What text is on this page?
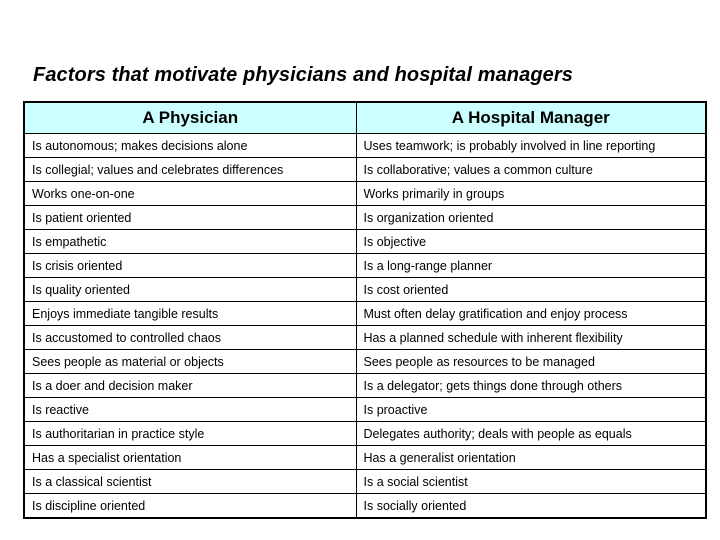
Factors that motivate physicians and hospital managers
A Physician	A Hospital Manager
Is autonomous; makes decisions alone	Uses teamwork; is probably involved in line reporting
Is collegial; values and celebrates differences	Is collaborative; values a common culture
Works one-on-one	Works primarily in groups
Is patient oriented	Is organization oriented
Is empathetic	Is objective
Is crisis oriented	Is a long-range planner
Is quality oriented	Is cost oriented
Enjoys immediate tangible results	Must often delay gratification and enjoy process
Is accustomed to controlled chaos	Has a planned schedule with inherent flexibility
Sees people as material or objects	Sees people as resources to be managed
Is a doer and decision maker	Is a delegator; gets things done through others
Is reactive	Is proactive
Is authoritarian in practice style	Delegates authority; deals with people as equals
Has a specialist orientation	Has a generalist orientation
Is a classical scientist	Is a social scientist
Is discipline oriented	Is socially oriented
